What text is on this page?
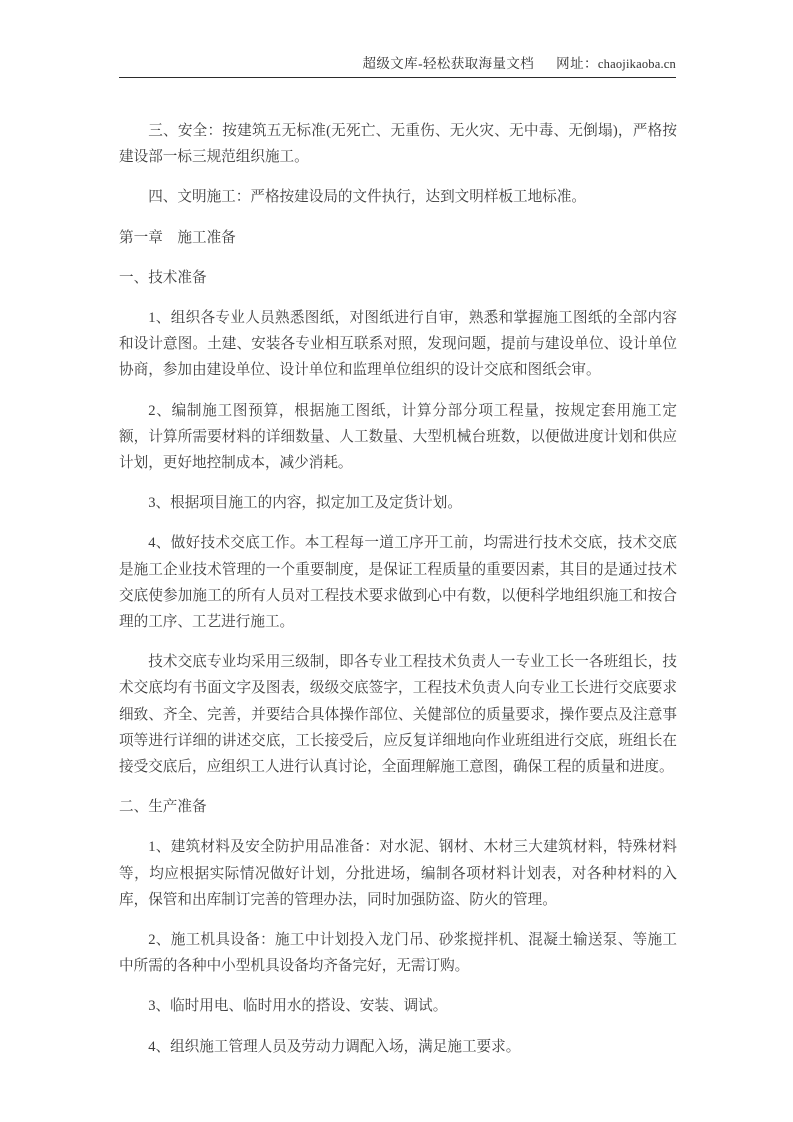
超级文库-轻松获取海量文档 网址：chaojikaoba.cn

三、安全：按建筑五无标准(无死亡、无重伤、无火灾、无中毒、无倒塌)，严格按建设部一标三规范组织施工。

四、文明施工：严格按建设局的文件执行，达到文明样板工地标准。

第一章　施工准备

一、技术准备

1、组织各专业人员熟悉图纸，对图纸进行自审，熟悉和掌握施工图纸的全部内容和设计意图。土建、安装各专业相互联系对照，发现问题，提前与建设单位、设计单位协商，参加由建设单位、设计单位和监理单位组织的设计交底和图纸会审。

2、编制施工图预算，根据施工图纸，计算分部分项工程量，按规定套用施工定额，计算所需要材料的详细数量、人工数量、大型机械台班数，以便做进度计划和供应计划，更好地控制成本，减少消耗。

3、根据项目施工的内容，拟定加工及定货计划。

4、做好技术交底工作。本工程每一道工序开工前，均需进行技术交底，技术交底是施工企业技术管理的一个重要制度，是保证工程质量的重要因素，其目的是通过技术交底使参加施工的所有人员对工程技术要求做到心中有数，以便科学地组织施工和按合理的工序、工艺进行施工。

技术交底专业均采用三级制，即各专业工程技术负责人一专业工长一各班组长，技术交底均有书面文字及图表，级级交底签字，工程技术负责人向专业工长进行交底要求细致、齐全、完善，并要结合具体操作部位、关健部位的质量要求，操作要点及注意事项等进行详细的讲述交底，工长接受后，应反复详细地向作业班组进行交底，班组长在接受交底后，应组织工人进行认真讨论，全面理解施工意图，确保工程的质量和进度。

二、生产准备

1、建筑材料及安全防护用品准备：对水泥、钢材、木材三大建筑材料，特殊材料等，均应根据实际情况做好计划，分批进场，编制各项材料计划表，对各种材料的入库，保管和出库制订完善的管理办法，同时加强防盗、防火的管理。

2、施工机具设备：施工中计划投入龙门吊、砂浆搅拌机、混凝土输送泵、等施工中所需的各种中小型机具设备均齐备完好，无需订购。

3、临时用电、临时用水的搭设、安装、调试。

4、组织施工管理人员及劳动力调配入场，满足施工要求。
